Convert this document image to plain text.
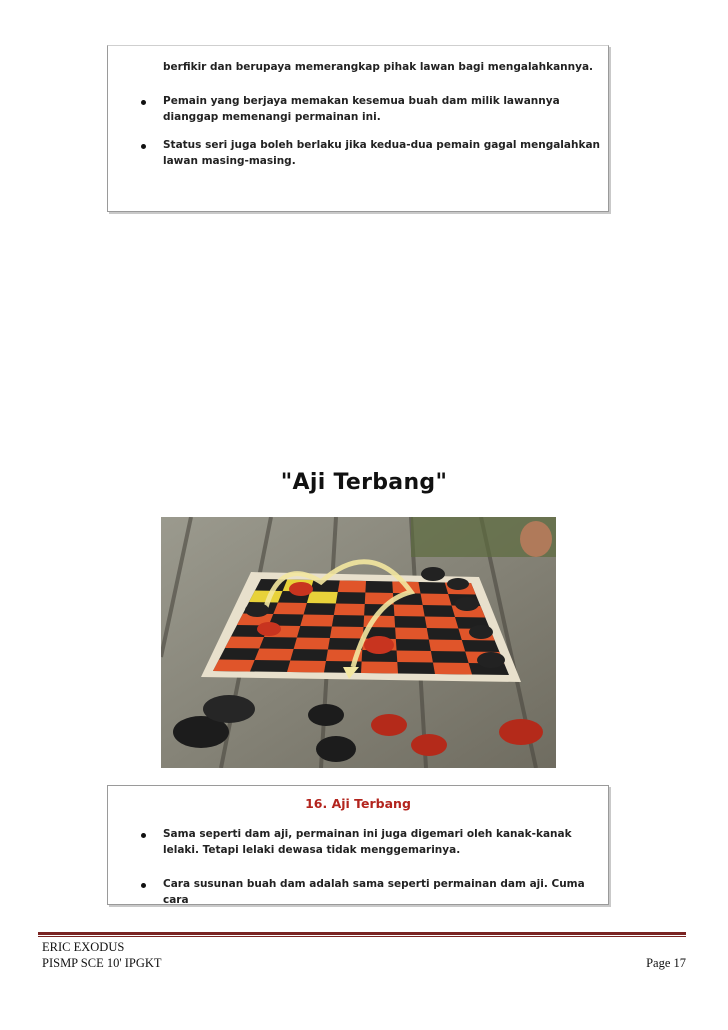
berfikir dan berupaya memerangkap pihak lawan bagi mengalahkannya.
Pemain yang berjaya memakan kesemua buah dam milik lawannya dianggap memenangi permainan ini.
Status seri juga boleh berlaku jika kedua-dua pemain gagal mengalahkan lawan masing-masing.
"Aji Terbang"
16. Aji Terbang
Sama seperti dam aji, permainan ini juga digemari oleh kanak-kanak lelaki. Tetapi lelaki dewasa tidak menggemarinya.
Cara susunan buah dam adalah sama seperti permainan dam aji. Cuma cara
ERIC EXODUS
PISMP SCE 10' IPGKT	Page 17
